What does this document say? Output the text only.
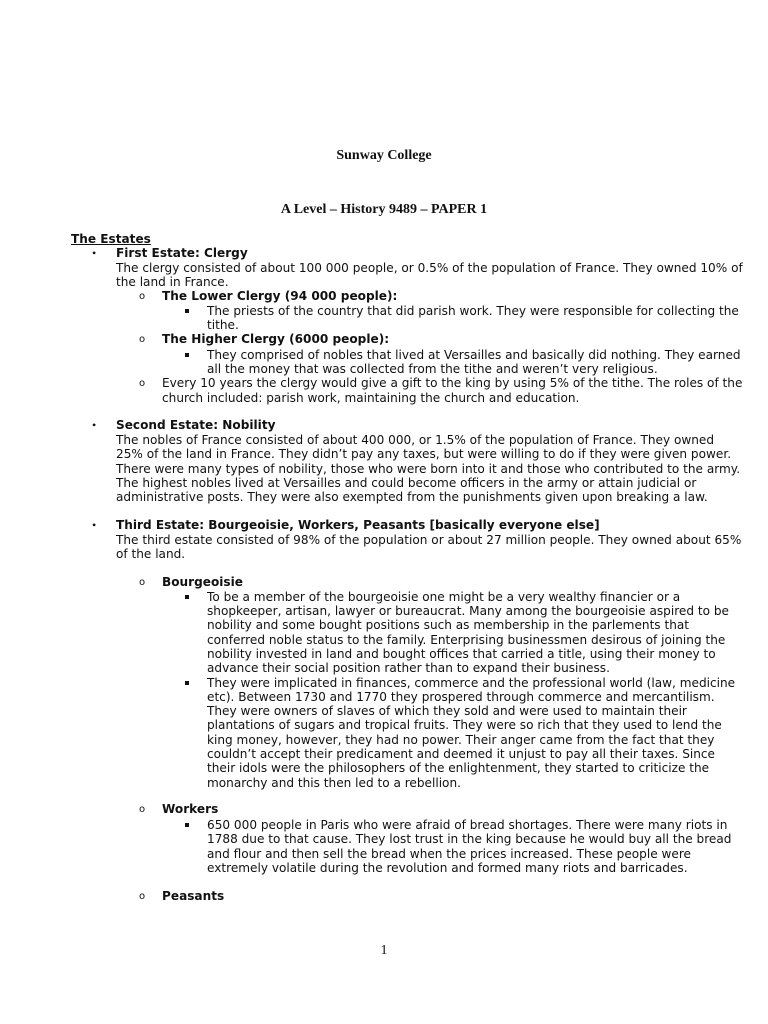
Sunway College
A Level – History 9489 – PAPER 1
The Estates
• First Estate: Clergy
The clergy consisted of about 100 000 people, or 0.5% of the population of France. They owned 10% of
the land in France.
o The Lower Clergy (94 000 people):
The priests of the country that did parish work. They were responsible for collecting the
tithe.
o The Higher Clergy (6000 people):
They comprised of nobles that lived at Versailles and basically did nothing. They earned
all the money that was collected from the tithe and weren’t very religious.
o Every 10 years the clergy would give a gift to the king by using 5% of the tithe. The roles of the
church included: parish work, maintaining the church and education.
• Second Estate: Nobility
The nobles of France consisted of about 400 000, or 1.5% of the population of France. They owned
25% of the land in France. They didn’t pay any taxes, but were willing to do if they were given power.
There were many types of nobility, those who were born into it and those who contributed to the army.
The highest nobles lived at Versailles and could become officers in the army or attain judicial or
administrative posts. They were also exempted from the punishments given upon breaking a law.
• Third Estate: Bourgeoisie, Workers, Peasants [basically everyone else]
The third estate consisted of 98% of the population or about 27 million people. They owned about 65%
of the land.
o Bourgeoisie
To be a member of the bourgeoisie one might be a very wealthy financier or a
shopkeeper, artisan, lawyer or bureaucrat. Many among the bourgeoisie aspired to be
nobility and some bought positions such as membership in the parlements that
conferred noble status to the family. Enterprising businessmen desirous of joining the
nobility invested in land and bought offices that carried a title, using their money to
advance their social position rather than to expand their business.
They were implicated in finances, commerce and the professional world (law, medicine
etc). Between 1730 and 1770 they prospered through commerce and mercantilism.
They were owners of slaves of which they sold and were used to maintain their
plantations of sugars and tropical fruits. They were so rich that they used to lend the
king money, however, they had no power. Their anger came from the fact that they
couldn’t accept their predicament and deemed it unjust to pay all their taxes. Since
their idols were the philosophers of the enlightenment, they started to criticize the
monarchy and this then led to a rebellion.
o Workers
650 000 people in Paris who were afraid of bread shortages. There were many riots in
1788 due to that cause. They lost trust in the king because he would buy all the bread
and flour and then sell the bread when the prices increased. These people were
extremely volatile during the revolution and formed many riots and barricades.
o Peasants
1
